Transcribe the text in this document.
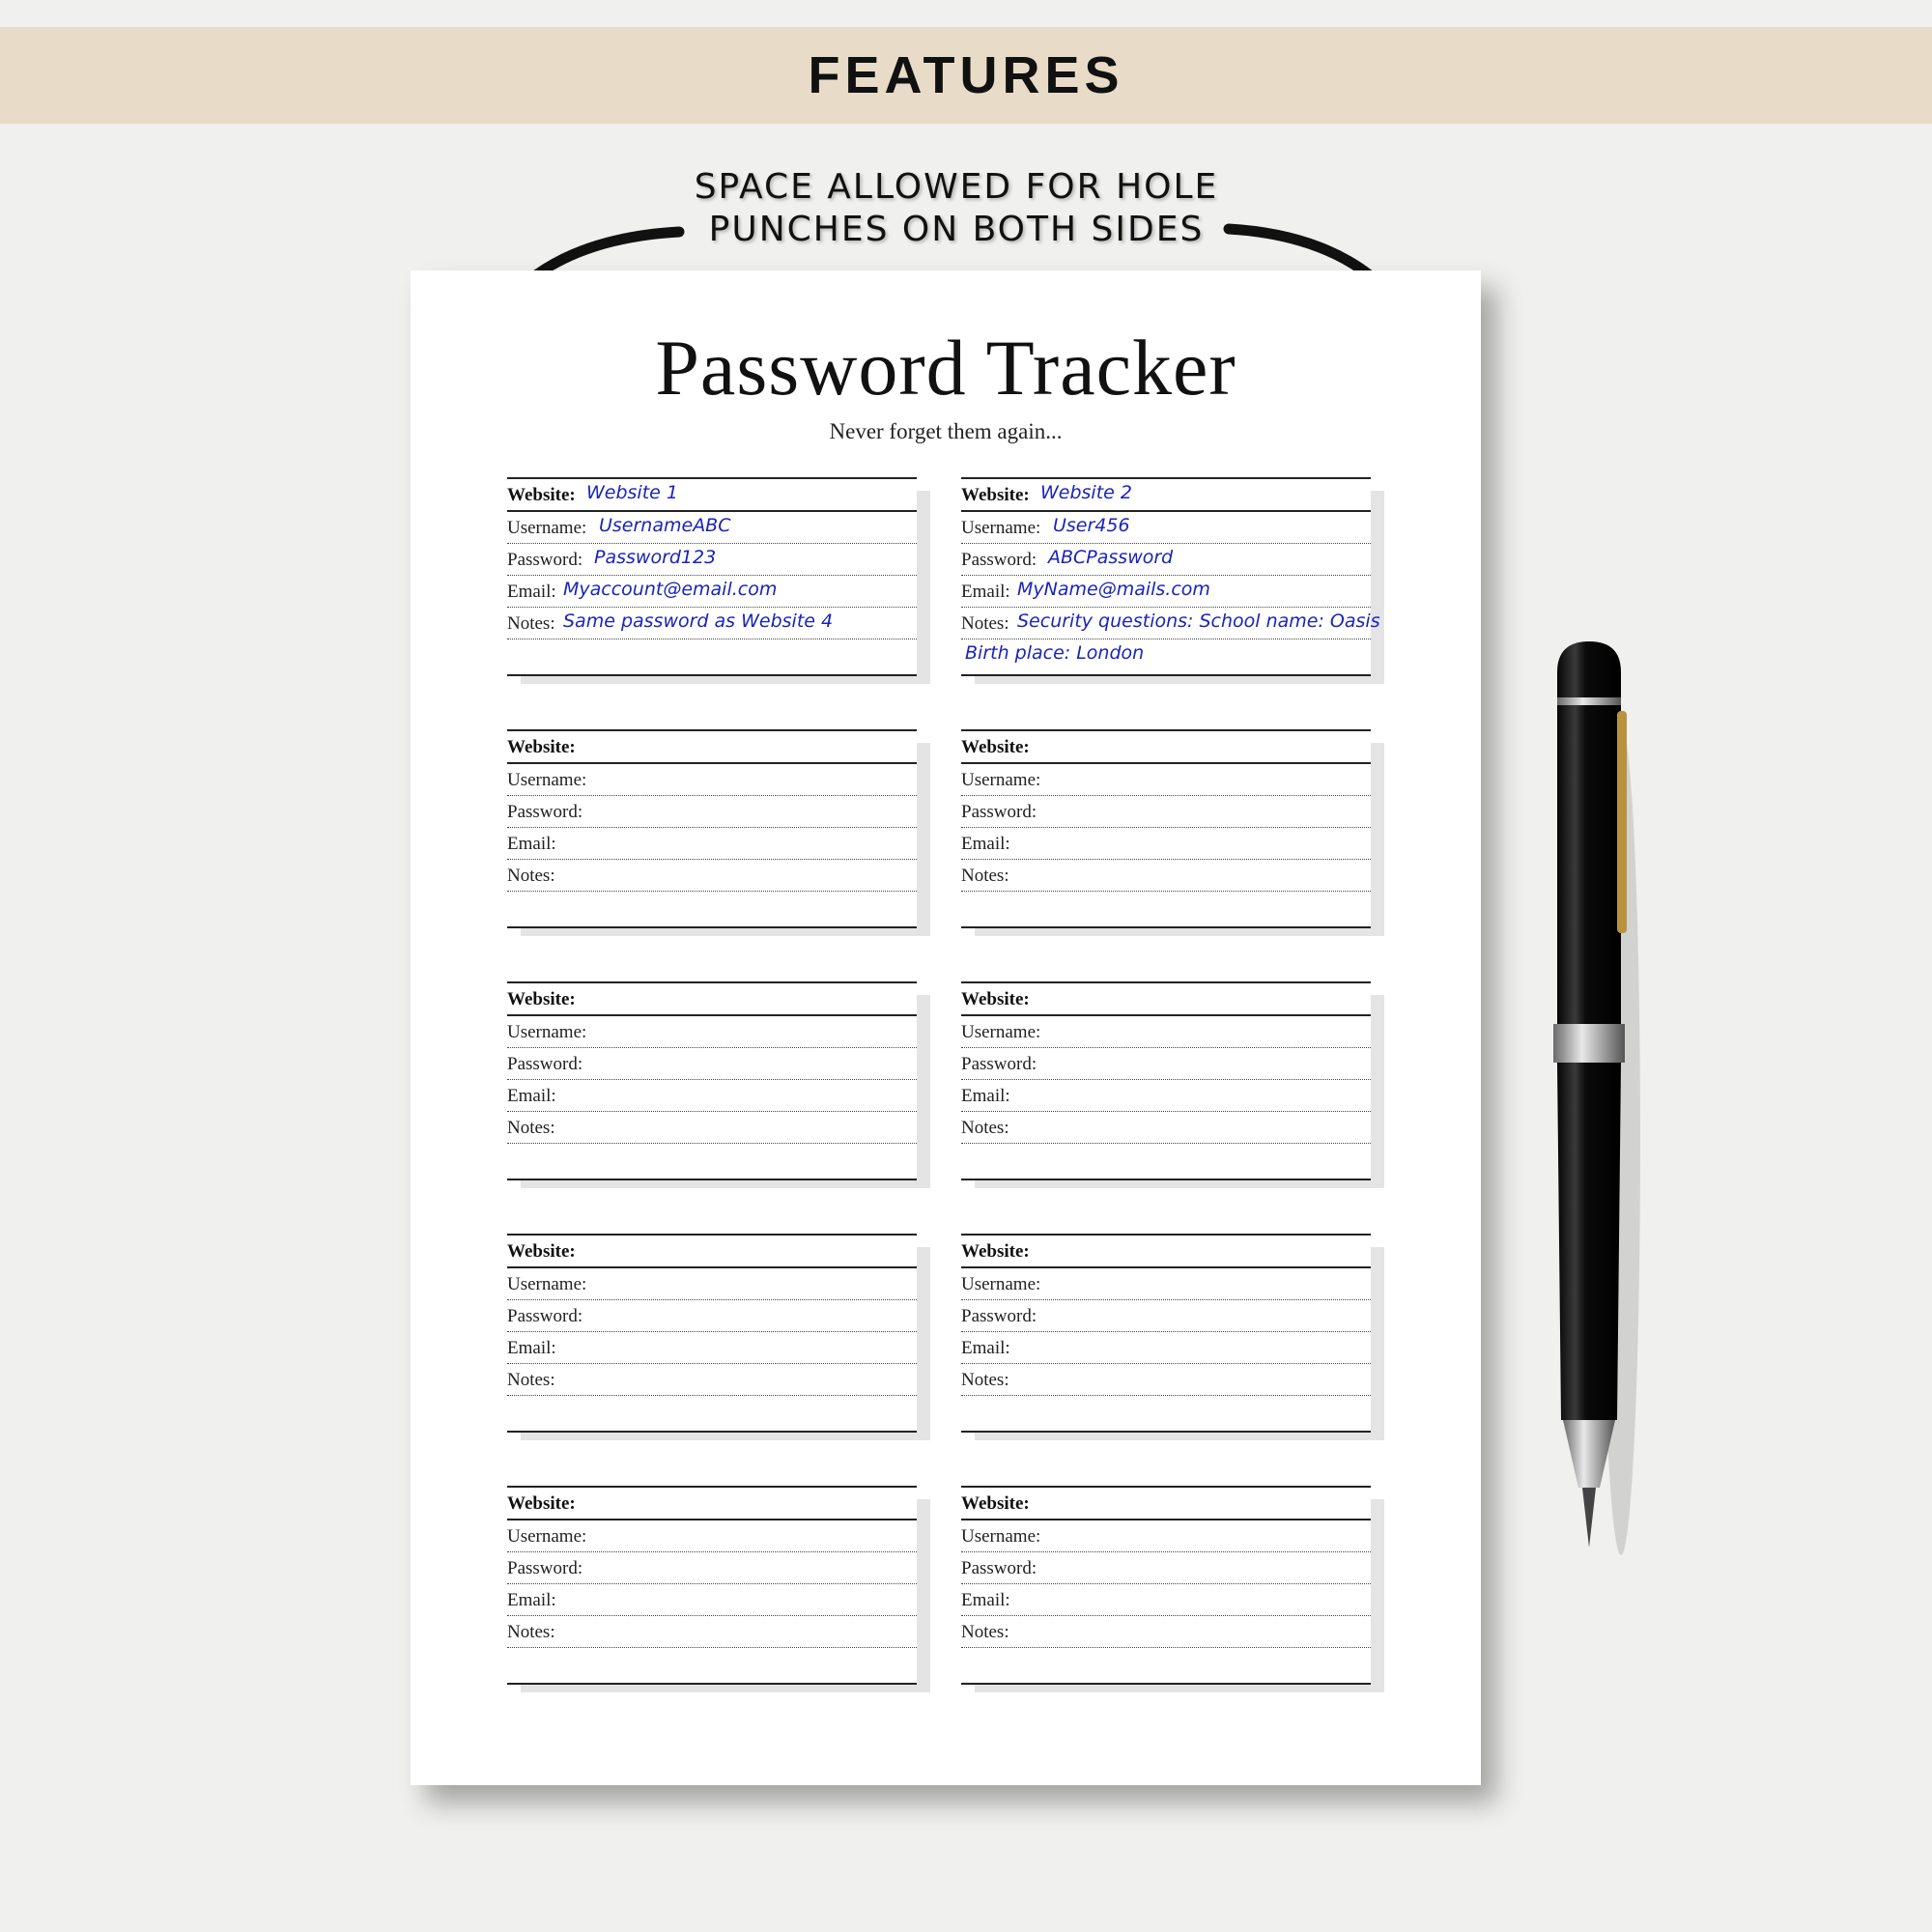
FEATURES
SPACE ALLOWED FOR HOLE
PUNCHES ON BOTH SIDES
Password Tracker
Never forget them again...
Website: Website 1
Username: UsernameABC
Password: Password123
Email: Myaccount@email.com
Notes: Same password as Website 4
Website: Website 2
Username: User456
Password: ABCPassword
Email: MyName@mails.com
Notes: Security questions: School name: Oasis
Birth place: London
Website:
Username:
Password:
Email:
Notes:
Website:
Username:
Password:
Email:
Notes:
Website:
Username:
Password:
Email:
Notes:
Website:
Username:
Password:
Email:
Notes:
Website:
Username:
Password:
Email:
Notes:
Website:
Username:
Password:
Email:
Notes:
Website:
Username:
Password:
Email:
Notes:
Website:
Username:
Password:
Email:
Notes:
